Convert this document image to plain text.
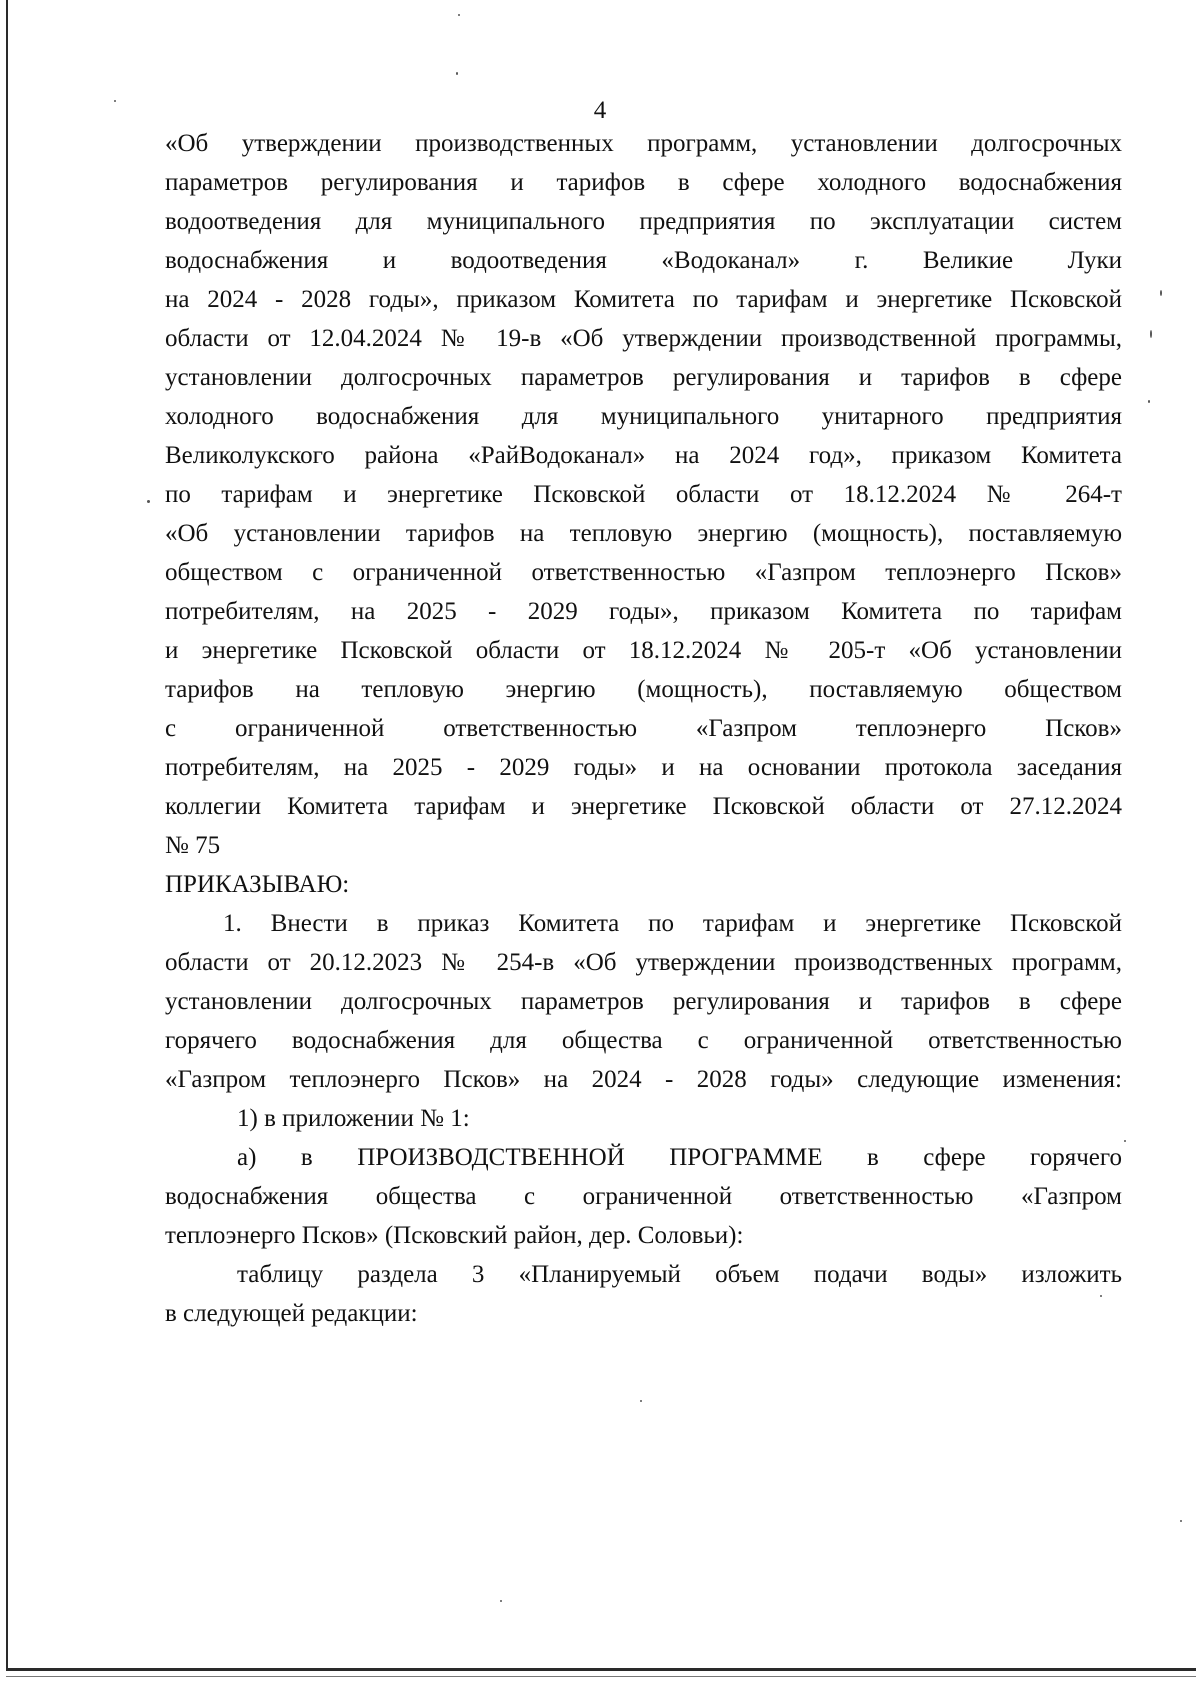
4
«Об утверждении производственных программ, установлении долгосрочных
параметров регулирования и тарифов в сфере холодного водоснабжения
водоотведения для муниципального предприятия по эксплуатации систем
водоснабжения и водоотведения «Водоканал» г. Великие Луки
на 2024 - 2028 годы», приказом Комитета по тарифам и энергетике Псковской
области от 12.04.2024 № 19-в «Об утверждении производственной программы,
установлении долгосрочных параметров регулирования и тарифов в сфере
холодного водоснабжения для муниципального унитарного предприятия
Великолукского района «РайВодоканал» на 2024 год», приказом Комитета
по тарифам и энергетике Псковской области от 18.12.2024 № 264-т
«Об установлении тарифов на тепловую энергию (мощность), поставляемую
обществом с ограниченной ответственностью «Газпром теплоэнерго Псков»
потребителям, на 2025 - 2029 годы», приказом Комитета по тарифам
и энергетике Псковской области от 18.12.2024 № 205-т «Об установлении
тарифов на тепловую энергию (мощность), поставляемую обществом
с ограниченной ответственностью «Газпром теплоэнерго Псков»
потребителям, на 2025 - 2029 годы» и на основании протокола заседания
коллегии Комитета тарифам и энергетике Псковской области от 27.12.2024
№ 75
ПРИКАЗЫВАЮ:
1. Внести в приказ Комитета по тарифам и энергетике Псковской
области от 20.12.2023 № 254-в «Об утверждении производственных программ,
установлении долгосрочных параметров регулирования и тарифов в сфере
горячего водоснабжения для общества с ограниченной ответственностью
«Газпром теплоэнерго Псков» на 2024 - 2028 годы» следующие изменения:
1) в приложении № 1:
а) в ПРОИЗВОДСТВЕННОЙ ПРОГРАММЕ в сфере горячего
водоснабжения общества с ограниченной ответственностью «Газпром
теплоэнерго Псков» (Псковский район, дер. Соловьи):
таблицу раздела 3 «Планируемый объем подачи воды» изложить
в следующей редакции:
